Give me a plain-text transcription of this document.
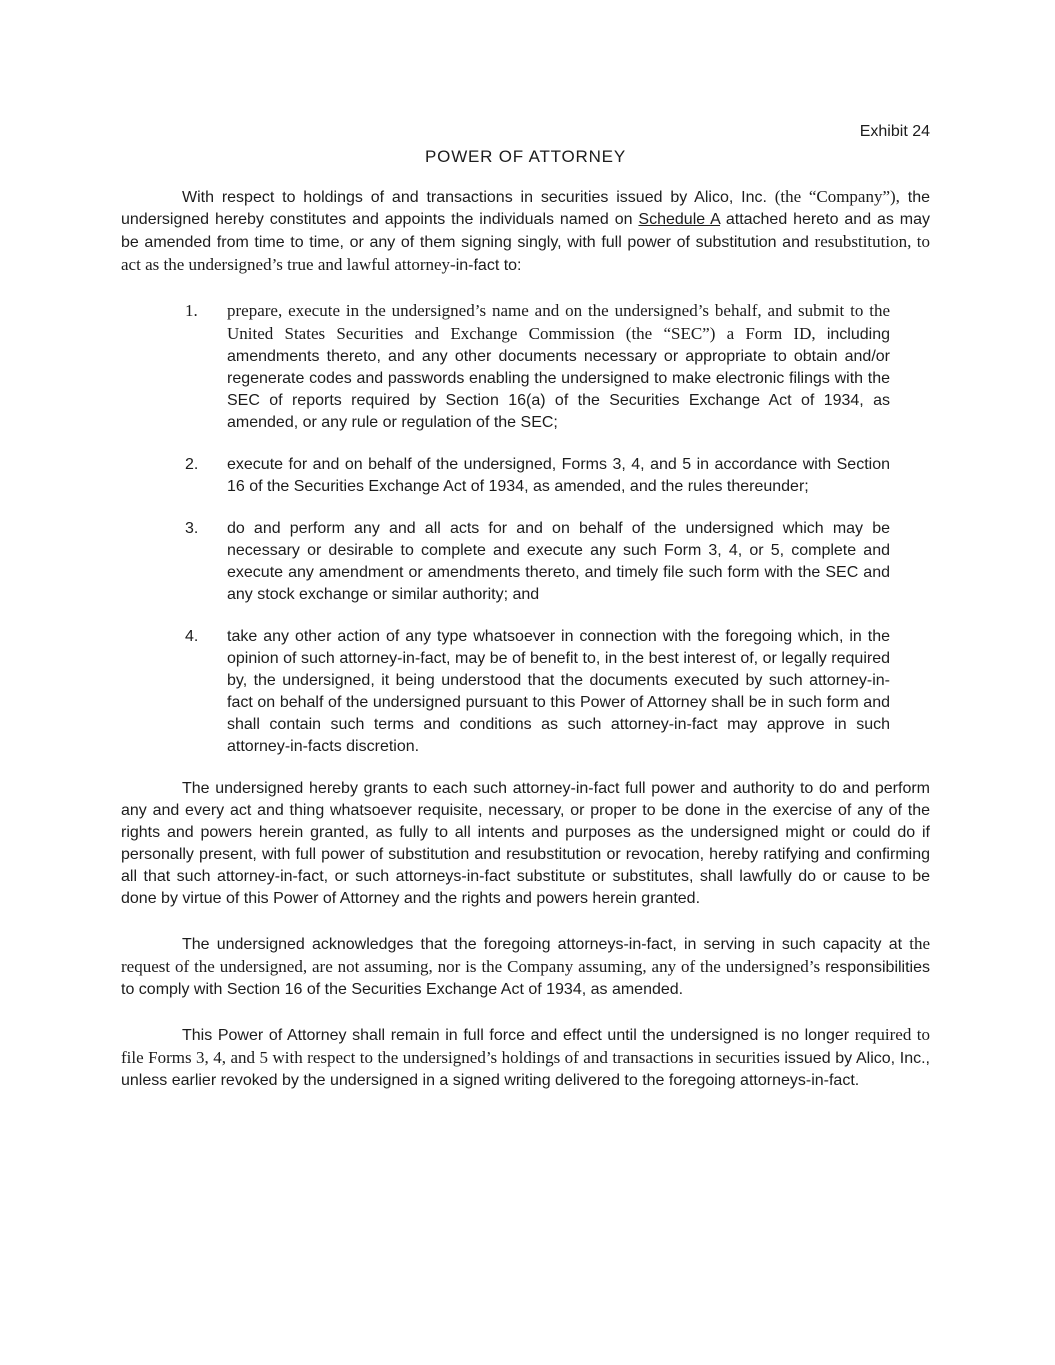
Exhibit 24
POWER OF ATTORNEY

With respect to holdings of and transactions in securities issued by Alico, Inc. (the “Company”), the undersigned hereby constitutes and appoints the individuals named on Schedule A attached hereto and as may be amended from time to time, or any of them signing singly, with full power of substitution and resubstitution, to act as the undersigned’s true and lawful attorney-in-fact to:

1.	prepare, execute in the undersigned’s name and on the undersigned’s behalf, and submit to the United States Securities and Exchange Commission (the “SEC”) a Form ID, including amendments thereto, and any other documents necessary or appropriate to obtain and/or regenerate codes and passwords enabling the undersigned to make electronic filings with the SEC of reports required by Section 16(a) of the Securities Exchange Act of 1934, as amended, or any rule or regulation of the SEC;
2.	execute for and on behalf of the undersigned, Forms 3, 4, and 5 in accordance with Section 16 of the Securities Exchange Act of 1934, as amended, and the rules thereunder;
3.	do and perform any and all acts for and on behalf of the undersigned which may be necessary or desirable to complete and execute any such Form 3, 4, or 5, complete and execute any amendment or amendments thereto, and timely file such form with the SEC and any stock exchange or similar authority; and
4.	take any other action of any type whatsoever in connection with the foregoing which, in the opinion of such attorney-in-fact, may be of benefit to, in the best interest of, or legally required by, the undersigned, it being understood that the documents executed by such attorney-in-fact on behalf of the undersigned pursuant to this Power of Attorney shall be in such form and shall contain such terms and conditions as such attorney-in-fact may approve in such attorney-in-facts discretion.

The undersigned hereby grants to each such attorney-in-fact full power and authority to do and perform any and every act and thing whatsoever requisite, necessary, or proper to be done in the exercise of any of the rights and powers herein granted, as fully to all intents and purposes as the undersigned might or could do if personally present, with full power of substitution and resubstitution or revocation, hereby ratifying and confirming all that such attorney-in-fact, or such attorneys-in-fact substitute or substitutes, shall lawfully do or cause to be done by virtue of this Power of Attorney and the rights and powers herein granted.

The undersigned acknowledges that the foregoing attorneys-in-fact, in serving in such capacity at the request of the undersigned, are not assuming, nor is the Company assuming, any of the undersigned’s responsibilities to comply with Section 16 of the Securities Exchange Act of 1934, as amended.

This Power of Attorney shall remain in full force and effect until the undersigned is no longer required to file Forms 3, 4, and 5 with respect to the undersigned’s holdings of and transactions in securities issued by Alico, Inc., unless earlier revoked by the undersigned in a signed writing delivered to the foregoing attorneys-in-fact.
